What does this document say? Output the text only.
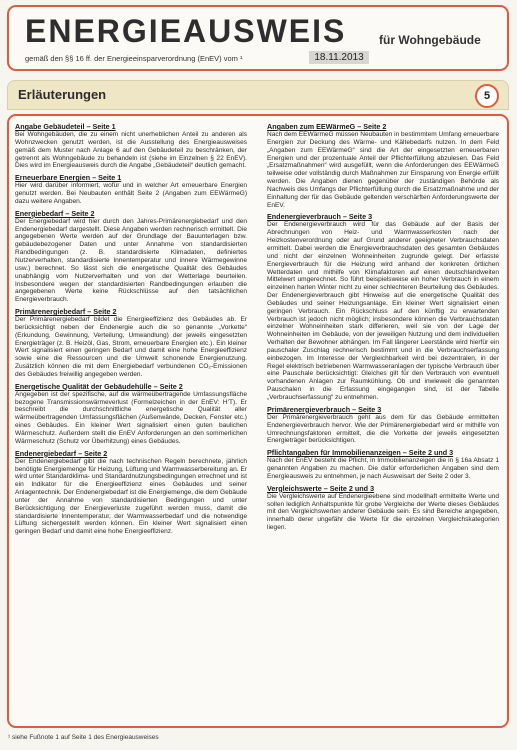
ENERGIEAUSWEIS	für Wohngebäude
gemäß den §§ 16 ff. der Energieeinsparverordnung (EnEV) vom ¹	18.11.2013
Erläuterungen	5

Angabe Gebäudeteil – Seite 1

Bei Wohngebäuden, die zu einem nicht unerheblichen Anteil zu anderen als Wohnzwecken genutzt werden, ist die Ausstellung des Energieausweises gemäß dem Muster nach Anlage 6 auf den Gebäudeteil zu beschränken, der getrennt als Wohngebäude zu behandeln ist (siehe im Einzelnen § 22 EnEV). Dies wird im Energieausweis durch die Angabe „Gebäudeteil“ deutlich gemacht.

Erneuerbare Energien – Seite 1

Hier wird darüber informiert, wofür und in welcher Art erneuerbare Energien genutzt werden. Bei Neubauten enthält Seite 2 (Angaben zum EEWärmeG) dazu weitere Angaben.

Energiebedarf – Seite 2

Der Energiebedarf wird hier durch den Jahres-Primärenergiebedarf und den Endenergiebedarf dargestellt. Diese Angaben werden rechnerisch ermittelt. Die angegebenen Werte werden auf der Grundlage der Bauunterlagen bzw. gebäudebezogener Daten und unter Annahme von standardisierten Randbedingungen (z. B. standardisierte Klimadaten, definiertes Nutzerverhalten, standardisierte Innentemperatur und innere Wärmegewinne usw.) berechnet. So lässt sich die energetische Qualität des Gebäudes unabhängig vom Nutzerverhalten und von der Wetterlage beurteilen. Insbesondere wegen der standardisierten Randbedingungen erlauben die angegebenen Werte keine Rückschlüsse auf den tatsächlichen Energieverbrauch.

Primärenergiebedarf – Seite 2

Der Primärenergiebedarf bildet die Energieeffizienz des Gebäudes ab. Er berücksichtigt neben der Endenergie auch die so genannte „Vorkette“ (Erkundung, Gewinnung, Verteilung, Umwandlung) der jeweils eingesetzten Energieträger (z. B. Heizöl, Gas, Strom, erneuerbare Energien etc.). Ein kleiner Wert signalisiert einen geringen Bedarf und damit eine hohe Energieeffizienz sowie eine die Ressourcen und die Umwelt schonende Energienutzung. Zusätzlich können die mit dem Energiebedarf verbundenen CO₂-Emissionen des Gebäudes freiwillig angegeben werden.

Energetische Qualität der Gebäudehülle – Seite 2

Angegeben ist der spezifische, auf die wärmeübertragende Umfassungsfläche bezogene Transmissionswärmeverlust (Formelzeichen in der EnEV: H’T). Er beschreibt die durchschnittliche energetische Qualität aller wärmeübertragenden Umfassungsflächen (Außenwände, Decken, Fenster etc.) eines Gebäudes. Ein kleiner Wert signalisiert einen guten baulichen Wärmeschutz. Außerdem stellt die EnEV Anforderungen an den sommerlichen Wärmeschutz (Schutz vor Überhitzung) eines Gebäudes.

Endenergiebedarf – Seite 2

Der Endenergiebedarf gibt die nach technischen Regeln berechnete, jährlich benötigte Energiemenge für Heizung, Lüftung und Warmwasserbereitung an. Er wird unter Standardklima- und Standardnutzungsbedingungen errechnet und ist ein Indikator für die Energieeffizienz eines Gebäudes und seiner Anlagentechnik. Der Endenergiebedarf ist die Energiemenge, die dem Gebäude unter der Annahme von standardisierten Bedingungen und unter Berücksichtigung der Energieverluste zugeführt werden muss, damit die standardisierte Innentemperatur, der Warmwasserbedarf und die notwendige Lüftung sichergestellt werden können. Ein kleiner Wert signalisiert einen geringen Bedarf und damit eine hohe Energieeffizienz.

Angaben zum EEWärmeG – Seite 2

Nach dem EEWärmeG müssen Neubauten in bestimmtem Umfang erneuerbare Energien zur Deckung des Wärme- und Kältebedarfs nutzen. In dem Feld „Angaben zum EEWärmeG“ sind die Art der eingesetzten erneuerbaren Energien und der prozentuale Anteil der Pflichterfüllung abzulesen. Das Feld „Ersatzmaßnahmen“ wird ausgefüllt, wenn die Anforderungen des EEWärmeG teilweise oder vollständig durch Maßnahmen zur Einsparung von Energie erfüllt werden. Die Angaben dienen gegenüber der zuständigen Behörde als Nachweis des Umfangs der Pflichterfüllung durch die Ersatzmaßnahme und der Einhaltung der für das Gebäude geltenden verschärften Anforderungswerte der EnEV.

Endenergieverbrauch – Seite 3

Der Endenergieverbrauch wird für das Gebäude auf der Basis der Abrechnungen von Heiz- und Warmwasserkosten nach der Heizkostenverordnung oder auf Grund anderer geeigneter Verbrauchsdaten ermittelt. Dabei werden die Energieverbrauchsdaten des gesamten Gebäudes und nicht der einzelnen Wohneinheiten zugrunde gelegt. Der erfasste Energieverbrauch für die Heizung wird anhand der konkreten örtlichen Wetterdaten und mithilfe von Klimafaktoren auf einen deutschlandweiten Mittelwert umgerechnet. So führt beispielsweise ein hoher Verbrauch in einem einzelnen harten Winter nicht zu einer schlechteren Beurteilung des Gebäudes. Der Endenergieverbrauch gibt Hinweise auf die energetische Qualität des Gebäudes und seiner Heizungsanlage. Ein kleiner Wert signalisiert einen geringen Verbrauch. Ein Rückschluss auf den künftig zu erwartenden Verbrauch ist jedoch nicht möglich; insbesondere können die Verbrauchsdaten einzelner Wohneinheiten stark differieren, weil sie von der Lage der Wohneinheiten im Gebäude, von der jeweiligen Nutzung und dem individuellen Verhalten der Bewohner abhängen. Im Fall längerer Leerstände wird hierfür ein pauschaler Zuschlag rechnerisch bestimmt und in die Verbrauchserfassung einbezogen. Im Interesse der Vergleichbarkeit wird bei dezentralen, in der Regel elektrisch betriebenen Warmwasseranlagen der typische Verbrauch über eine Pauschale berücksichtigt: Gleiches gilt für den Verbrauch von eventuell vorhandenen Anlagen zur Raumkühlung. Ob und inwieweit die genannten Pauschalen in die Erfassung eingegangen sind, ist der Tabelle „Verbrauchserfassung“ zu entnehmen.

Primärenergieverbrauch – Seite 3

Der Primärenergieverbrauch geht aus dem für das Gebäude ermittelten Endenergieverbrauch hervor. Wie der Primärenergiebedarf wird er mithilfe von Umrechnungsfaktoren ermittelt, die die Vorkette der jeweils eingesetzten Energieträger berücksichtigen.

Pflichtangaben für Immobilienanzeigen – Seite 2 und 3

Nach der EnEV besteht die Pflicht, in Immobilienanzeigen die in § 16a Absatz 1 genannten Angaben zu machen. Die dafür erforderlichen Angaben sind dem Energieausweis zu entnehmen, je nach Ausweisart der Seite 2 oder 3.

Vergleichswerte – Seite 2 und 3

Die Vergleichswerte auf Endenergieebene sind modellhaft ermittelte Werte und sollen lediglich Anhaltspunkte für grobe Vergleiche der Werte dieses Gebäudes mit den Vergleichswerten anderer Gebäude sein. Es sind Bereiche angegeben, innerhalb derer ungefähr die Werte für die einzelnen Vergleichskategorien liegen.

¹ siehe Fußnote 1 auf Seite 1 des Energieausweises
